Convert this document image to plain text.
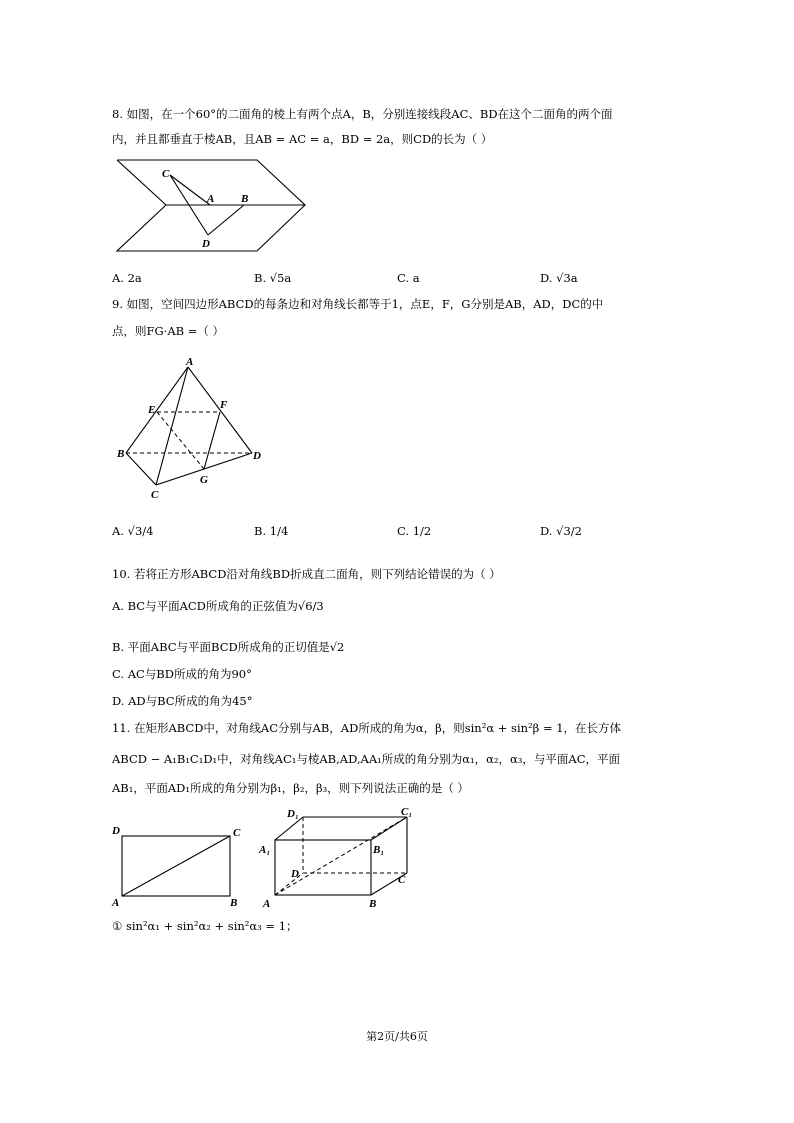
8. 如图，在一个60°的二面角的棱上有两个点A，B，分别连接线段AC、BD在这个二面角的两个面
内，并且都垂直于棱AB，且AB = AC = a，BD = 2a，则CD的长为（ ）
C
A B
D
A. 2a	B. √5a	C. a	D. √3a
9. 如图，空间四边形ABCD的每条边和对角线长都等于1，点E，F，G分别是AB，AD，DC的中
点，则FG·AB =（ ）
A
E	F
B	D
G
C
A. √3/4	B. 1/4	C. 1/2	D. √3/2
10. 若将正方形ABCD沿对角线BD折成直二面角，则下列结论错误的为（ ）
A. BC与平面ACD所成角的正弦值为√6/3
B. 平面ABC与平面BCD所成角的正切值是√2
C. AC与BD所成的角为90°
D. AD与BC所成的角为45°
11. 在矩形ABCD中，对角线AC分别与AB，AD所成的角为α，β，则sin²α + sin²β = 1，在长方体
ABCD − A₁B₁C₁D₁中，对角线AC₁与棱AB,AD,AA₁所成的角分别为α₁，α₂，α₃，与平面AC，平面
AB₁，平面AD₁所成的角分别为β₁，β₂，β₃，则下列说法正确的是（ ）
D	C
A	B
D₁	C₁
A₁	B₁
D	C
A	B
① sin²α₁ + sin²α₂ + sin²α₃ = 1；
第2页/共6页
